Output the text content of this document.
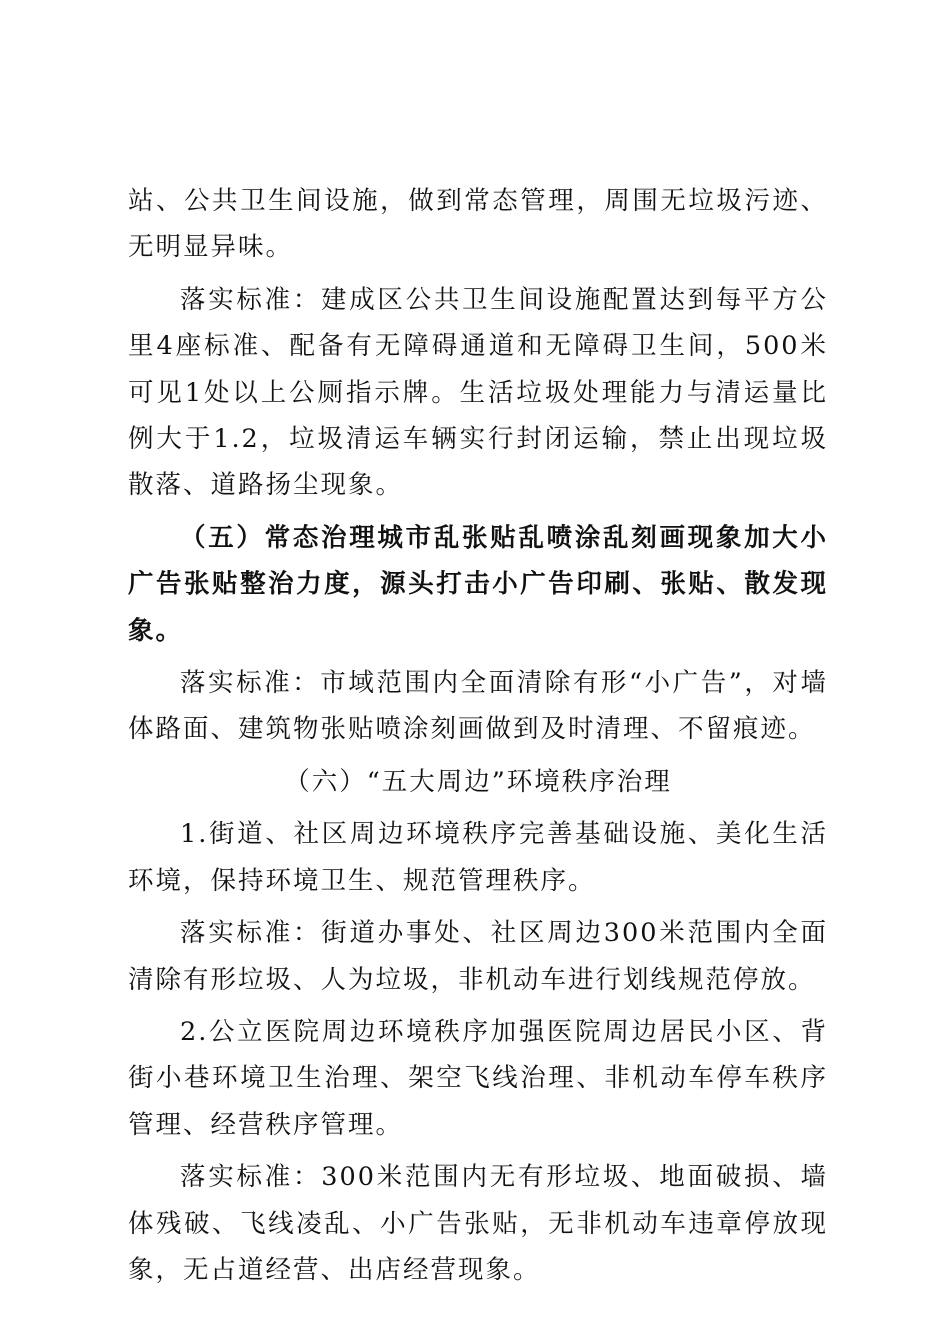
站、公共卫生间设施，做到常态管理，周围无垃圾污迹、无明显异味。

落实标准：建成区公共卫生间设施配置达到每平方公里4座标准、配备有无障碍通道和无障碍卫生间，500米可见1处以上公厕指示牌。生活垃圾处理能力与清运量比例大于1.2，垃圾清运车辆实行封闭运输，禁止出现垃圾散落、道路扬尘现象。

（五）常态治理城市乱张贴乱喷涂乱刻画现象加大小广告张贴整治力度，源头打击小广告印刷、张贴、散发现象。

落实标准：市域范围内全面清除有形“小广告”，对墙体路面、建筑物张贴喷涂刻画做到及时清理、不留痕迹。

（六）“五大周边”环境秩序治理

1.街道、社区周边环境秩序完善基础设施、美化生活环境，保持环境卫生、规范管理秩序。

落实标准：街道办事处、社区周边300米范围内全面清除有形垃圾、人为垃圾，非机动车进行划线规范停放。

2.公立医院周边环境秩序加强医院周边居民小区、背街小巷环境卫生治理、架空飞线治理、非机动车停车秩序管理、经营秩序管理。

落实标准：300米范围内无有形垃圾、地面破损、墙体残破、飞线凌乱、小广告张贴，无非机动车违章停放现象，无占道经营、出店经营现象。
